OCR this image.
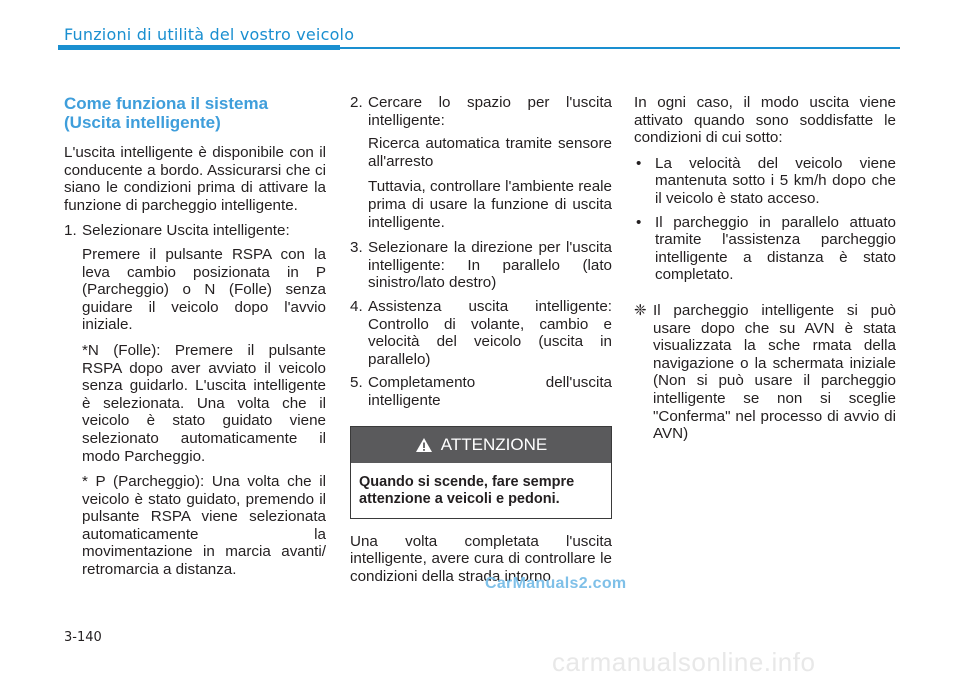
Funzioni di utilità del vostro veicolo
Come funziona il sistema
(Uscita intelligente)

L'uscita intelligente è disponibile con il conducente a bordo. Assicurarsi che ci siano le condizioni prima di attivare la funzione di parcheggio intelligente.

1. Selezionare Uscita intelligente:

Premere il pulsante RSPA con la leva cambio posizionata in P (Parcheggio) o N (Folle) senza guidare il veicolo dopo l'avvio iniziale.

*N (Folle): Premere il pulsante RSPA dopo aver avviato il veicolo senza guidarlo. L'uscita intelligente è selezionata. Una volta che il veicolo è stato guidato viene selezionato automaticamente il modo Parcheggio.

* P (Parcheggio): Una volta che il veicolo è stato guidato, premendo il pulsante RSPA viene selezionata automaticamente la movimentazione in marcia avanti/ retromarcia a distanza.

2. Cercare lo spazio per l'uscita intelligente:

Ricerca automatica tramite sensore all'arresto

Tuttavia, controllare l'ambiente reale prima di usare la funzione di uscita intelligente.

3. Selezionare la direzione per l'uscita intelligente: In parallelo (lato sinistro/lato destro)
4. Assistenza uscita intelligente: Controllo di volante, cambio e velocità del veicolo (uscita in parallelo)
5. Completamento dell'uscita intelligente
ATTENZIONE
Quando si scende, fare sempre attenzione a veicoli e pedoni.

Una volta completata l'uscita intelligente, avere cura di controllare le condizioni della strada intorno.

In ogni caso, il modo uscita viene attivato quando sono soddisfatte le condizioni di cui sotto:

• La velocità del veicolo viene mantenuta sotto i 5 km/h dopo che il veicolo è stato acceso.
• Il parcheggio in parallelo attuato tramite l'assistenza parcheggio intelligente a distanza è stato completato.
❈ Il parcheggio intelligente si può usare dopo che su AVN è stata visualizzata la sche rmata della navigazione o la schermata iniziale (Non si può usare il parcheggio intelligente se non si sceglie "Conferma" nel processo di avvio di AVN)
CarManuals2.com
3-140
carmanualsonline.info
